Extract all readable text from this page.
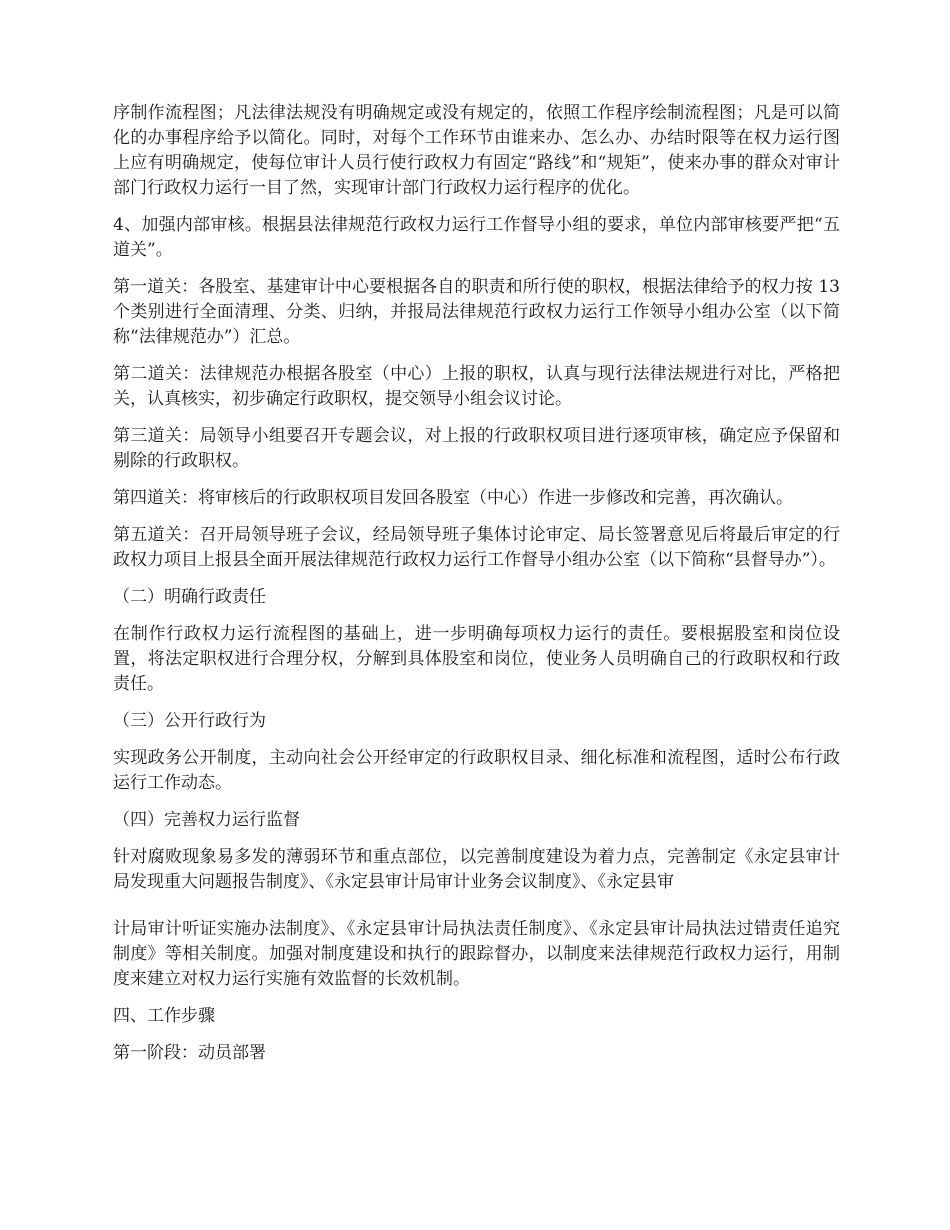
序制作流程图；凡法律法规没有明确规定或没有规定的，依照工作程序绘制流程图；凡是可以简化的办事程序给予以简化。同时，对每个工作环节由谁来办、怎么办、办结时限等在权力运行图上应有明确规定，使每位审计人员行使行政权力有固定“路线”和“规矩”，使来办事的群众对审计部门行政权力运行一目了然，实现审计部门行政权力运行程序的优化。

4、加强内部审核。根据县法律规范行政权力运行工作督导小组的要求，单位内部审核要严把“五道关”。

第一道关：各股室、基建审计中心要根据各自的职责和所行使的职权，根据法律给予的权力按 13 个类别进行全面清理、分类、归纳，并报局法律规范行政权力运行工作领导小组办公室（以下简称“法律规范办”）汇总。

第二道关：法律规范办根据各股室（中心）上报的职权，认真与现行法律法规进行对比，严格把关，认真核实，初步确定行政职权，提交领导小组会议讨论。

第三道关：局领导小组要召开专题会议，对上报的行政职权项目进行逐项审核，确定应予保留和剔除的行政职权。

第四道关：将审核后的行政职权项目发回各股室（中心）作进一步修改和完善，再次确认。

第五道关：召开局领导班子会议，经局领导班子集体讨论审定、局长签署意见后将最后审定的行政权力项目上报县全面开展法律规范行政权力运行工作督导小组办公室（以下简称“县督导办”）。

（二）明确行政责任

在制作行政权力运行流程图的基础上，进一步明确每项权力运行的责任。要根据股室和岗位设置，将法定职权进行合理分权，分解到具体股室和岗位，使业务人员明确自己的行政职权和行政责任。

（三）公开行政行为

实现政务公开制度，主动向社会公开经审定的行政职权目录、细化标准和流程图，适时公布行政运行工作动态。

（四）完善权力运行监督

针对腐败现象易多发的薄弱环节和重点部位，以完善制度建设为着力点，完善制定《永定县审计局发现重大问题报告制度》、《永定县审计局审计业务会议制度》、《永定县审

计局审计听证实施办法制度》、《永定县审计局执法责任制度》、《永定县审计局执法过错责任追究制度》等相关制度。加强对制度建设和执行的跟踪督办，以制度来法律规范行政权力运行，用制度来建立对权力运行实施有效监督的长效机制。

四、工作步骤

第一阶段：动员部署
